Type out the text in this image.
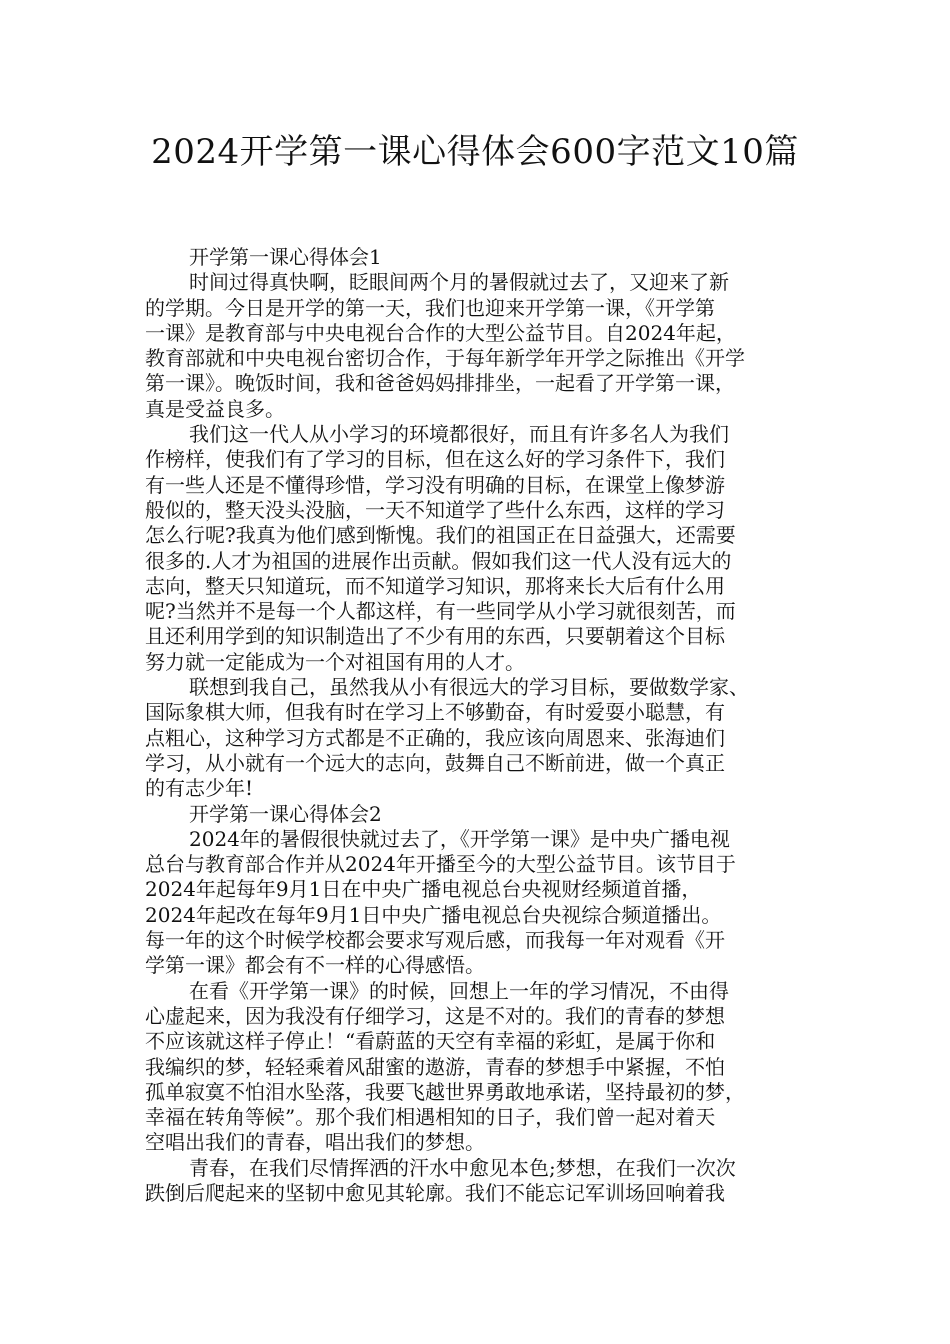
2024开学第一课心得体会600字范文10篇
开学第一课心得体会1
时间过得真快啊，眨眼间两个月的暑假就过去了，又迎来了新
的学期。今日是开学的第一天，我们也迎来开学第一课，《开学第
一课》是教育部与中央电视台合作的大型公益节目。自2024年起，
教育部就和中央电视台密切合作，于每年新学年开学之际推出《开学
第一课》。晚饭时间，我和爸爸妈妈排排坐，一起看了开学第一课，
真是受益良多。
我们这一代人从小学习的环境都很好，而且有许多名人为我们
作榜样，使我们有了学习的目标，但在这么好的学习条件下，我们
有一些人还是不懂得珍惜，学习没有明确的目标，在课堂上像梦游
般似的，整天没头没脑，一天不知道学了些什么东西，这样的学习
怎么行呢?我真为他们感到惭愧。我们的祖国正在日益强大，还需要
很多的.人才为祖国的进展作出贡献。假如我们这一代人没有远大的
志向，整天只知道玩，而不知道学习知识，那将来长大后有什么用
呢?当然并不是每一个人都这样，有一些同学从小学习就很刻苦，而
且还利用学到的知识制造出了不少有用的东西，只要朝着这个目标
努力就一定能成为一个对祖国有用的人才。
联想到我自己，虽然我从小有很远大的学习目标，要做数学家、
国际象棋大师，但我有时在学习上不够勤奋，有时爱耍小聪慧，有
点粗心，这种学习方式都是不正确的，我应该向周恩来、张海迪们
学习，从小就有一个远大的志向，鼓舞自己不断前进，做一个真正
的有志少年!
开学第一课心得体会2
2024年的暑假很快就过去了，《开学第一课》是中央广播电视
总台与教育部合作并从2024年开播至今的大型公益节目。该节目于
2024年起每年9月1日在中央广播电视总台央视财经频道首播，
2024年起改在每年9月1日中央广播电视总台央视综合频道播出。
每一年的这个时候学校都会要求写观后感，而我每一年对观看《开
学第一课》都会有不一样的心得感悟。
在看《开学第一课》的时候，回想上一年的学习情况，不由得
心虚起来，因为我没有仔细学习，这是不对的。我们的青春的梦想
不应该就这样子停止！“看蔚蓝的天空有幸福的彩虹，是属于你和
我编织的梦，轻轻乘着风甜蜜的遨游，青春的梦想手中紧握，不怕
孤单寂寞不怕泪水坠落，我要飞越世界勇敢地承诺，坚持最初的梦，
幸福在转角等候”。那个我们相遇相知的日子，我们曾一起对着天
空唱出我们的青春，唱出我们的梦想。
青春，在我们尽情挥洒的汗水中愈见本色;梦想，在我们一次次
跌倒后爬起来的坚韧中愈见其轮廓。我们不能忘记军训场回响着我
